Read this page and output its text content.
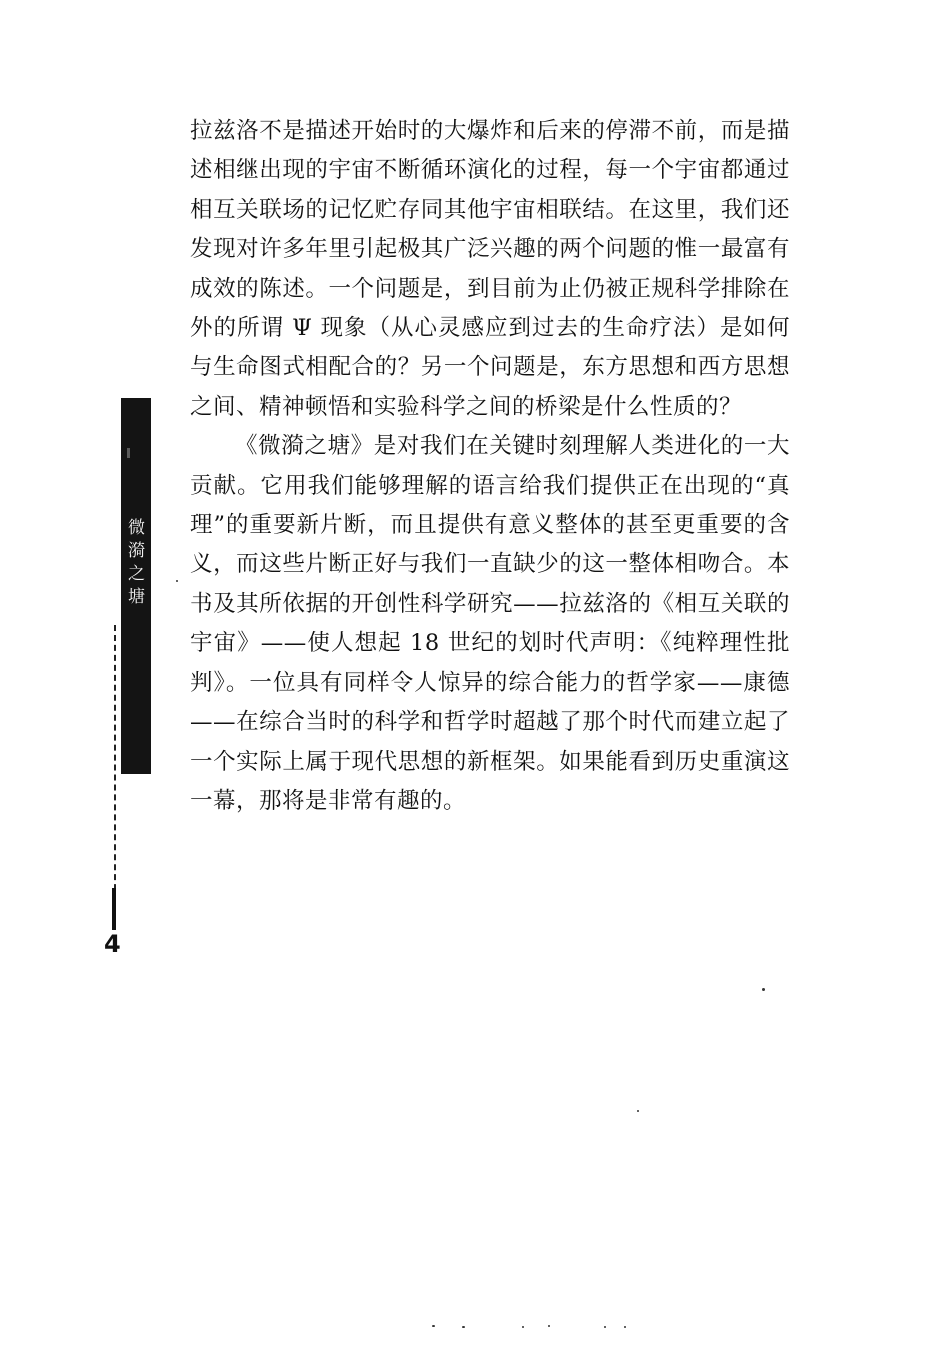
拉兹洛不是描述开始时的大爆炸和后来的停滞不前，而是描述相继出现的宇宙不断循环演化的过程，每一个宇宙都通过相互关联场的记忆贮存同其他宇宙相联结。在这里，我们还发现对许多年里引起极其广泛兴趣的两个问题的惟一最富有成效的陈述。一个问题是，到目前为止仍被正规科学排除在外的所谓 Ψ 现象（从心灵感应到过去的生命疗法）是如何与生命图式相配合的？另一个问题是，东方思想和西方思想之间、精神顿悟和实验科学之间的桥梁是什么性质的？

《微漪之塘》是对我们在关键时刻理解人类进化的一大贡献。它用我们能够理解的语言给我们提供正在出现的“真理”的重要新片断，而且提供有意义整体的甚至更重要的含义，而这些片断正好与我们一直缺少的这一整体相吻合。本书及其所依据的开创性科学研究——拉兹洛的《相互关联的宇宙》——使人想起 18 世纪的划时代声明：《纯粹理性批判》。一位具有同样令人惊异的综合能力的哲学家——康德——在综合当时的科学和哲学时超越了那个时代而建立起了一个实际上属于现代思想的新框架。如果能看到历史重演这一幕，那将是非常有趣的。

微漪之塘
4
